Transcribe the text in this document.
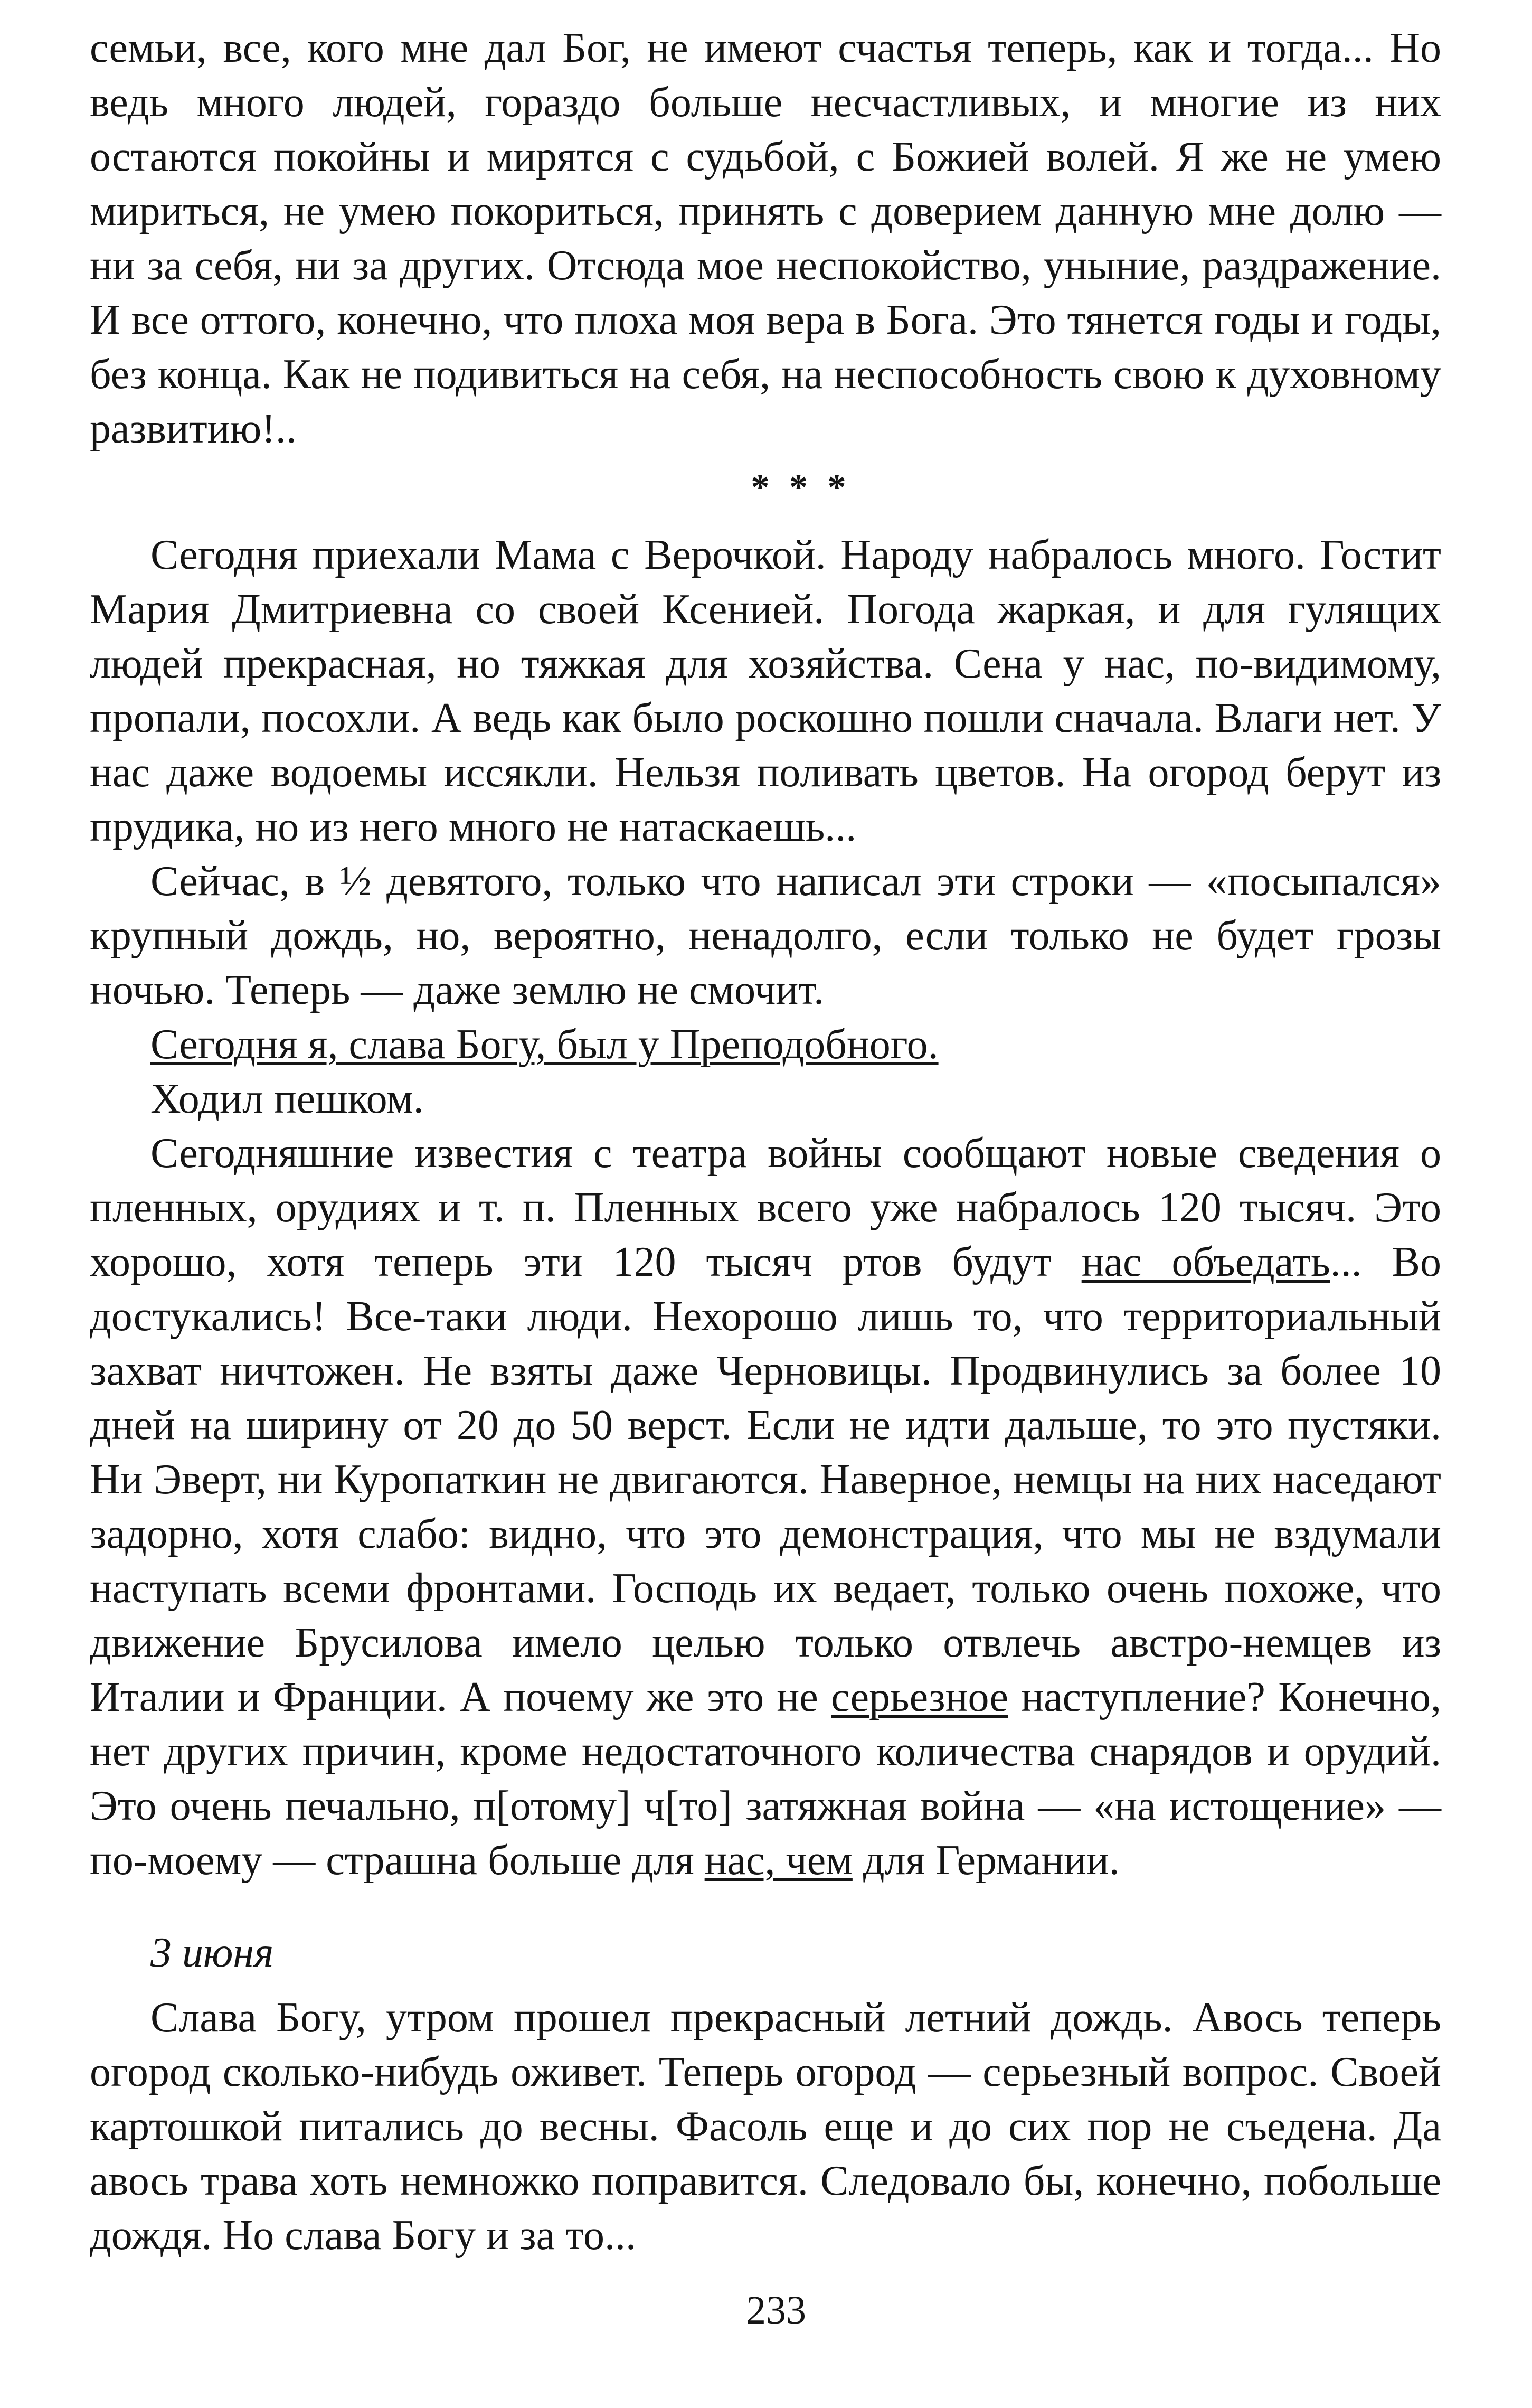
семьи, все, кого мне дал Бог, не имеют счастья теперь, как и тогда... Но ведь много людей, гораздо больше несчастливых, и многие из них остаются покойны и мирятся с судьбой, с Божией волей. Я же не умею мириться, не умею покориться, принять с доверием данную мне долю — ни за себя, ни за других. Отсюда мое неспокойство, уныние, раздражение. И все оттого, конечно, что плоха моя вера в Бога. Это тянется годы и годы, без конца. Как не подивиться на себя, на неспособность свою к духовному развитию!..

* * *

Сегодня приехали Мама с Верочкой. Народу набралось много. Гостит Мария Дмитриевна со своей Ксенией. Погода жаркая, и для гулящих людей прекрасная, но тяжкая для хозяйства. Сена у нас, по-видимому, пропали, посохли. А ведь как было роскошно пошли сначала. Влаги нет. У нас даже водоемы иссякли. Нельзя поливать цветов. На огород берут из прудика, но из него много не натаскаешь...

Сейчас, в ½ девятого, только что написал эти строки — «посыпался» крупный дождь, но, вероятно, ненадолго, если только не будет грозы ночью. Теперь — даже землю не смочит.

Сегодня я, слава Богу, был у Преподобного.

Ходил пешком.

Сегодняшние известия с театра войны сообщают новые сведения о пленных, орудиях и т. п. Пленных всего уже набралось 120 тысяч. Это хорошо, хотя теперь эти 120 тысяч ртов будут нас объедать... Во достукались! Все-таки люди. Нехорошо лишь то, что территориальный захват ничтожен. Не взяты даже Черновицы. Продвинулись за более 10 дней на ширину от 20 до 50 верст. Если не идти дальше, то это пустяки. Ни Эверт, ни Куропаткин не двигаются. Наверное, немцы на них наседают задорно, хотя слабо: видно, что это демонстрация, что мы не вздумали наступать всеми фронтами. Господь их ведает, только очень похоже, что движение Брусилова имело целью только отвлечь австро-немцев из Италии и Франции. А почему же это не серьезное наступление? Конечно, нет других причин, кроме недостаточного количества снарядов и орудий. Это очень печально, п[отому] ч[то] затяжная война — «на истощение» — по-моему — страшна больше для нас, чем для Германии.

3 июня

Слава Богу, утром прошел прекрасный летний дождь. Авось теперь огород сколько-нибудь оживет. Теперь огород — серьезный вопрос. Своей картошкой питались до весны. Фасоль еще и до сих пор не съедена. Да авось трава хоть немножко поправится. Следовало бы, конечно, побольше дождя. Но слава Богу и за то...

233
